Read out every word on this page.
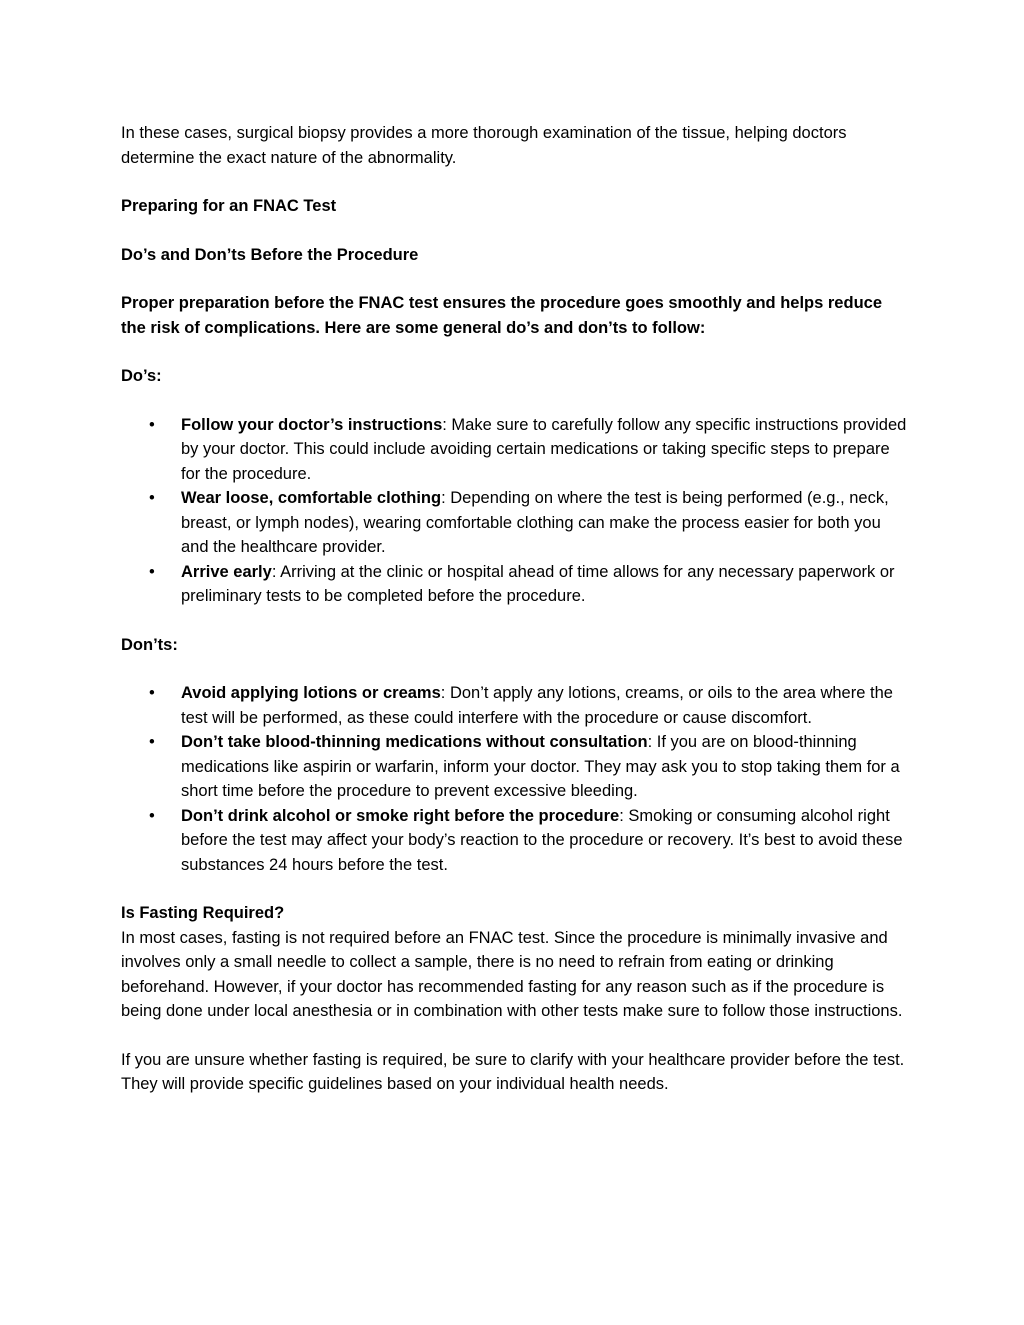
In these cases, surgical biopsy provides a more thorough examination of the tissue, helping doctors determine the exact nature of the abnormality.

Preparing for an FNAC Test

Do’s and Don’ts Before the Procedure

Proper preparation before the FNAC test ensures the procedure goes smoothly and helps reduce the risk of complications. Here are some general do’s and don’ts to follow:

Do’s:

• Follow your doctor’s instructions: Make sure to carefully follow any specific instructions provided by your doctor. This could include avoiding certain medications or taking specific steps to prepare for the procedure.
• Wear loose, comfortable clothing: Depending on where the test is being performed (e.g., neck, breast, or lymph nodes), wearing comfortable clothing can make the process easier for both you and the healthcare provider.
• Arrive early: Arriving at the clinic or hospital ahead of time allows for any necessary paperwork or preliminary tests to be completed before the procedure.

Don’ts:

• Avoid applying lotions or creams: Don’t apply any lotions, creams, or oils to the area where the test will be performed, as these could interfere with the procedure or cause discomfort.
• Don’t take blood-thinning medications without consultation: If you are on blood-thinning medications like aspirin or warfarin, inform your doctor. They may ask you to stop taking them for a short time before the procedure to prevent excessive bleeding.
• Don’t drink alcohol or smoke right before the procedure: Smoking or consuming alcohol right before the test may affect your body’s reaction to the procedure or recovery. It’s best to avoid these substances 24 hours before the test.

Is Fasting Required?

In most cases, fasting is not required before an FNAC test. Since the procedure is minimally invasive and involves only a small needle to collect a sample, there is no need to refrain from eating or drinking beforehand. However, if your doctor has recommended fasting for any reason such as if the procedure is being done under local anesthesia or in combination with other tests make sure to follow those instructions.

If you are unsure whether fasting is required, be sure to clarify with your healthcare provider before the test. They will provide specific guidelines based on your individual health needs.
